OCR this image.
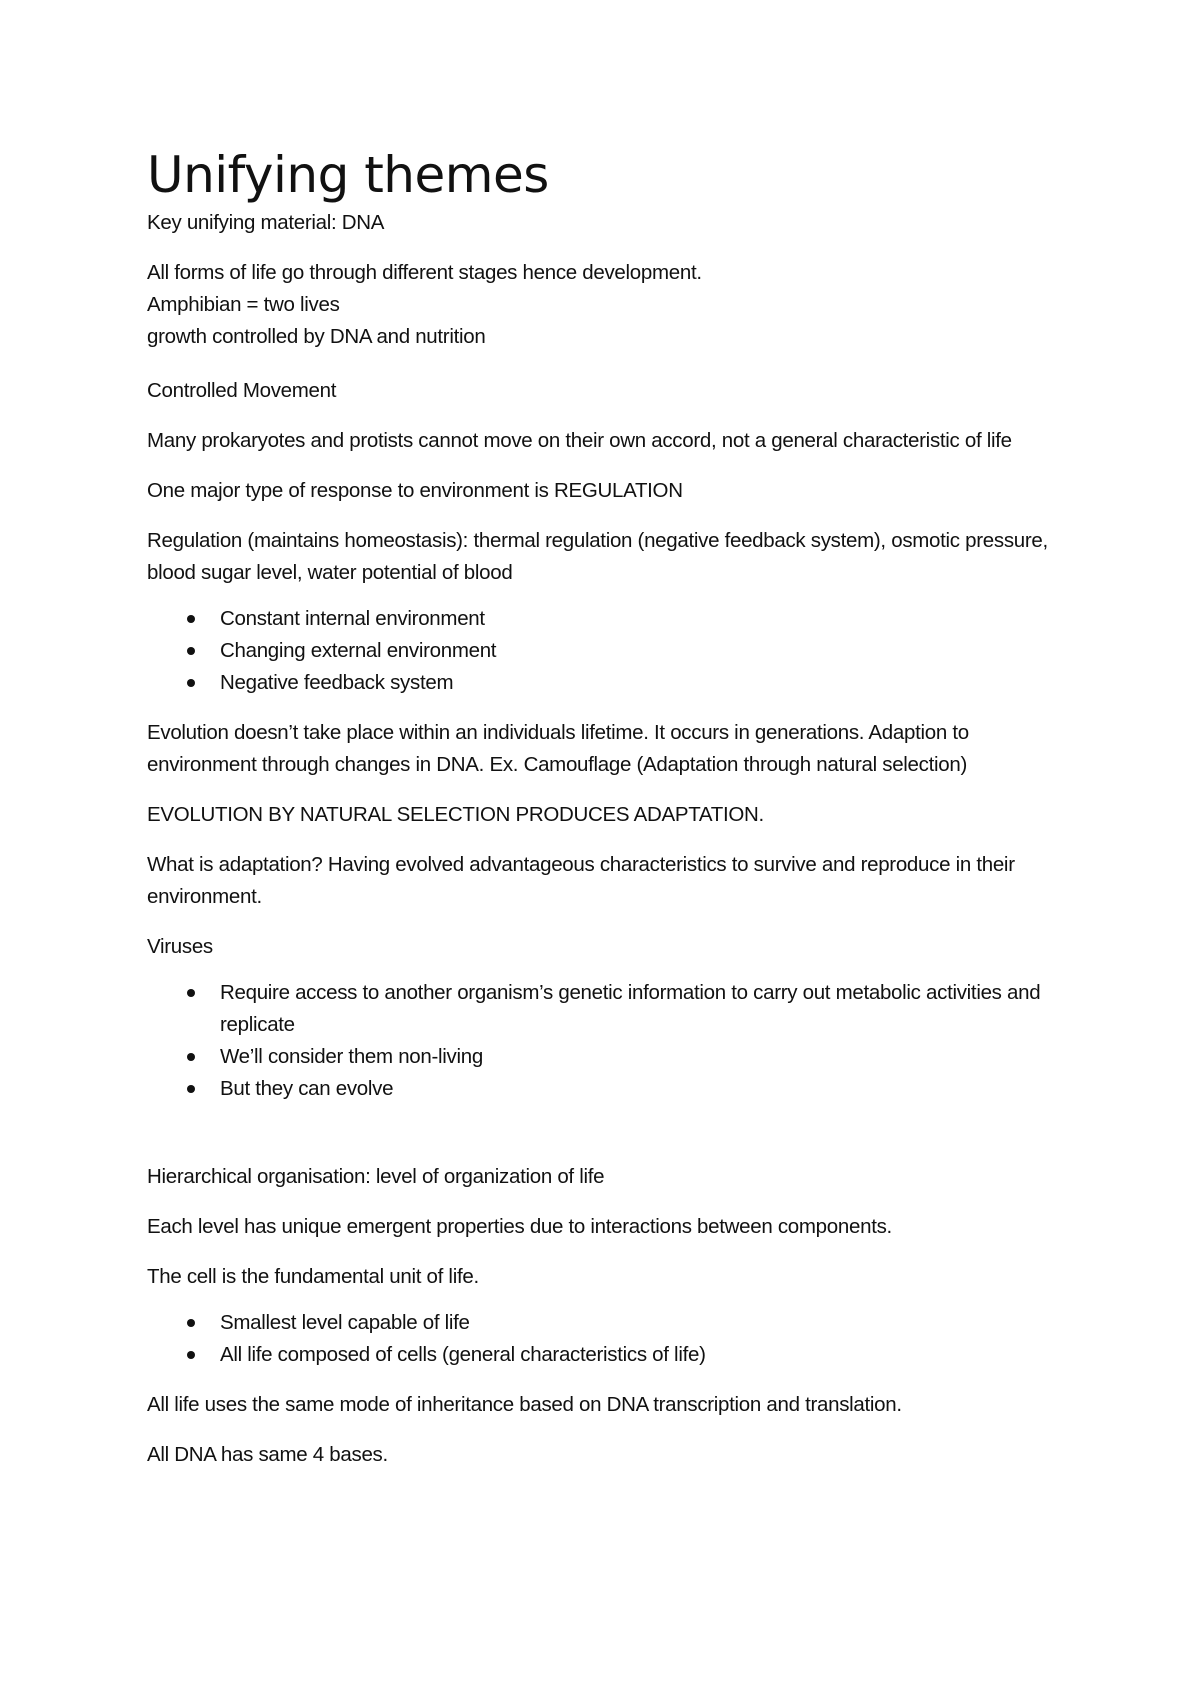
Unifying themes

Key unifying material: DNA

All forms of life go through different stages hence development.

Amphibian = two lives

growth controlled by DNA and nutrition

Controlled Movement

Many prokaryotes and protists cannot move on their own accord, not a general characteristic of life

One major type of response to environment is REGULATION

Regulation (maintains homeostasis): thermal regulation (negative feedback system), osmotic pressure, blood sugar level, water potential of blood

Constant internal environment
Changing external environment
Negative feedback system

Evolution doesn’t take place within an individuals lifetime. It occurs in generations. Adaption to environment through changes in DNA. Ex. Camouflage (Adaptation through natural selection)

EVOLUTION BY NATURAL SELECTION PRODUCES ADAPTATION.

What is adaptation? Having evolved advantageous characteristics to survive and reproduce in their environment.

Viruses

Require access to another organism’s genetic information to carry out metabolic activities and replicate
We’ll consider them non-living
But they can evolve

Hierarchical organisation: level of organization of life

Each level has unique emergent properties due to interactions between components.

The cell is the fundamental unit of life.

Smallest level capable of life
All life composed of cells (general characteristics of life)

All life uses the same mode of inheritance based on DNA transcription and translation.

All DNA has same 4 bases.
